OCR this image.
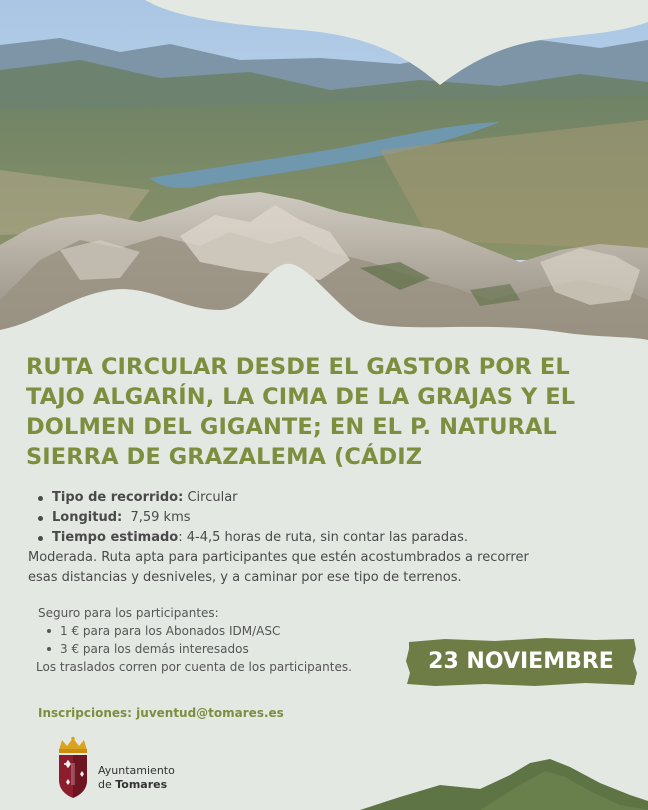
RUTA CIRCULAR DESDE EL GASTOR POR EL
TAJO ALGARÍN, LA CIMA DE LA GRAJAS Y EL
DOLMEN DEL GIGANTE; EN EL P. NATURAL
SIERRA DE GRAZALEMA (CÁDIZ
Tipo de recorrido: Circular
Longitud:  7,59 kms
Tiempo estimado: 4-4,5 horas de ruta, sin contar las paradas.

Moderada. Ruta apta para participantes que estén acostumbrados a recorrer

esas distancias y desniveles, y a caminar por ese tipo de terrenos.

Seguro para los participantes:

1 € para para los Abonados IDM/ASC
3 € para los demás interesados

Los traslados corren por cuenta de los participantes.	23 NOVIEMBRE
Inscripciones: juventud@tomares.es
Ayuntamiento
de Tomares
